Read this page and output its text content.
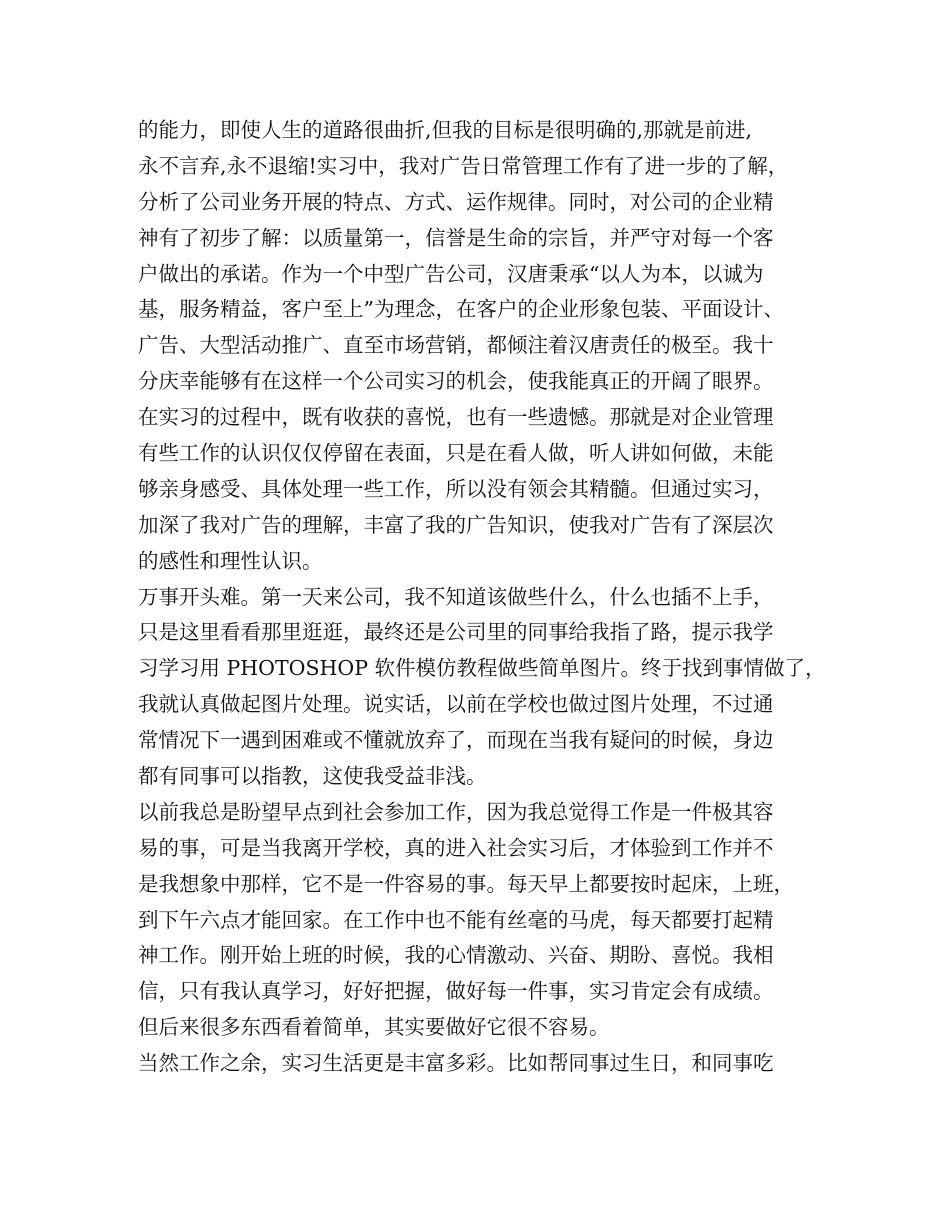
的能力，即使人生的道路很曲折,但我的目标是很明确的,那就是前进,
永不言弃,永不退缩!实习中，我对广告日常管理工作有了进一步的了解，
分析了公司业务开展的特点、方式、运作规律。同时，对公司的企业精
神有了初步了解：以质量第一，信誉是生命的宗旨，并严守对每一个客
户做出的承诺。作为一个中型广告公司，汉唐秉承“以人为本，以诚为
基，服务精益，客户至上”为理念，在客户的企业形象包装、平面设计、
广告、大型活动推广、直至市场营销，都倾注着汉唐责任的极至。我十
分庆幸能够有在这样一个公司实习的机会，使我能真正的开阔了眼界。
在实习的过程中，既有收获的喜悦，也有一些遗憾。那就是对企业管理
有些工作的认识仅仅停留在表面，只是在看人做，听人讲如何做，未能
够亲身感受、具体处理一些工作，所以没有领会其精髓。但通过实习，
加深了我对广告的理解，丰富了我的广告知识，使我对广告有了深层次
的感性和理性认识。
万事开头难。第一天来公司，我不知道该做些什么，什么也插不上手，
只是这里看看那里逛逛，最终还是公司里的同事给我指了路，提示我学
习学习用 PHOTOSHOP 软件模仿教程做些简单图片。终于找到事情做了，
我就认真做起图片处理。说实话，以前在学校也做过图片处理，不过通
常情况下一遇到困难或不懂就放弃了，而现在当我有疑问的时候，身边
都有同事可以指教，这使我受益非浅。
以前我总是盼望早点到社会参加工作，因为我总觉得工作是一件极其容
易的事，可是当我离开学校，真的进入社会实习后，才体验到工作并不
是我想象中那样，它不是一件容易的事。每天早上都要按时起床，上班，
到下午六点才能回家。在工作中也不能有丝毫的马虎，每天都要打起精
神工作。刚开始上班的时候，我的心情激动、兴奋、期盼、喜悦。我相
信，只有我认真学习，好好把握，做好每一件事，实习肯定会有成绩。
但后来很多东西看着简单，其实要做好它很不容易。
当然工作之余，实习生活更是丰富多彩。比如帮同事过生日，和同事吃
